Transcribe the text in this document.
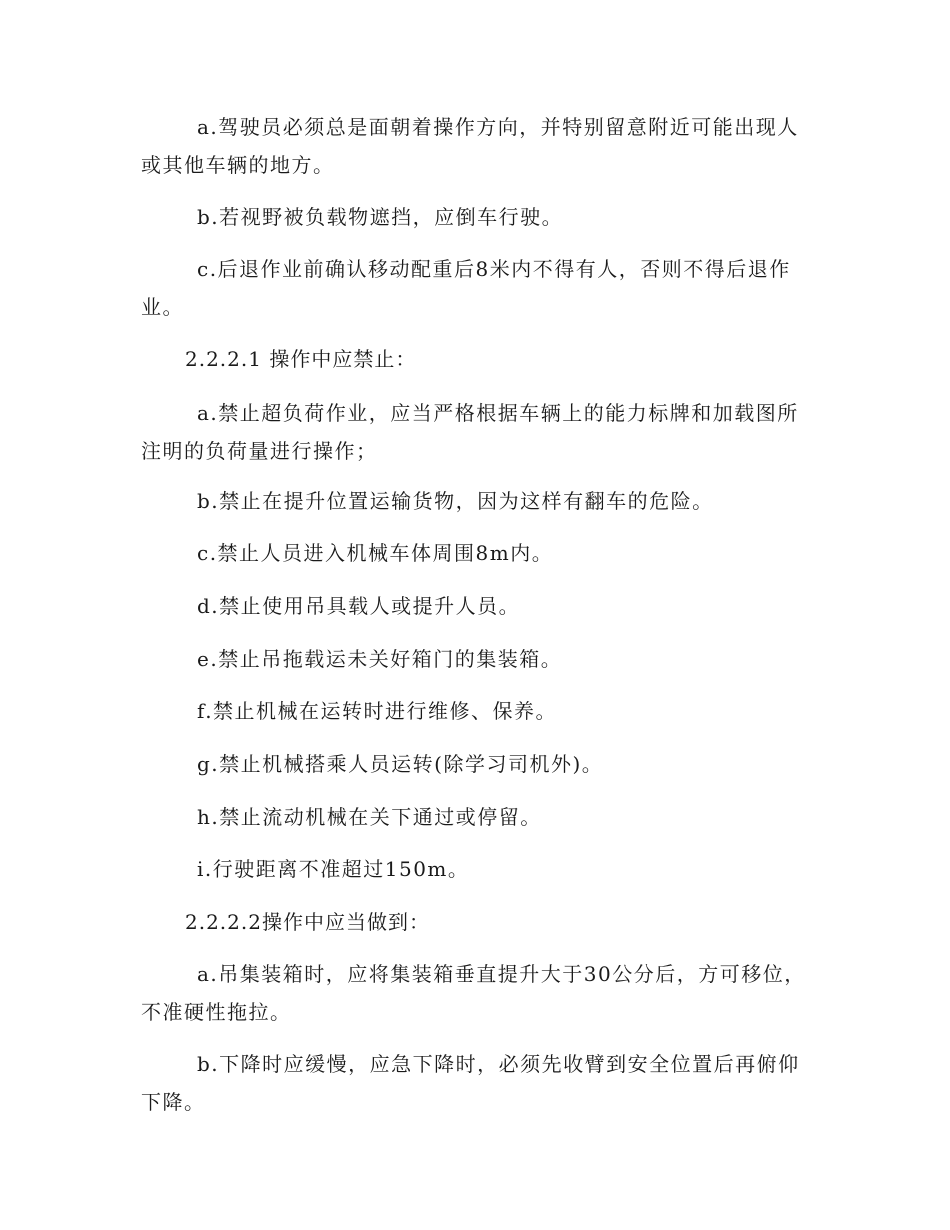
a.驾驶员必须总是面朝着操作方向，并特别留意附近可能出现人或其他车辆的地方。

b.若视野被负载物遮挡，应倒车行驶。

c.后退作业前确认移动配重后8米内不得有人，否则不得后退作业。

2.2.2.1 操作中应禁止：

a.禁止超负荷作业，应当严格根据车辆上的能力标牌和加载图所注明的负荷量进行操作；

b.禁止在提升位置运输货物，因为这样有翻车的危险。

c.禁止人员进入机械车体周围8m内。

d.禁止使用吊具载人或提升人员。

e.禁止吊拖载运未关好箱门的集装箱。

f.禁止机械在运转时进行维修、保养。

g.禁止机械搭乘人员运转(除学习司机外)。

h.禁止流动机械在关下通过或停留。

i.行驶距离不准超过150m。

2.2.2.2操作中应当做到：

a.吊集装箱时，应将集装箱垂直提升大于30公分后，方可移位，不准硬性拖拉。

b.下降时应缓慢，应急下降时，必须先收臂到安全位置后再俯仰下降。
